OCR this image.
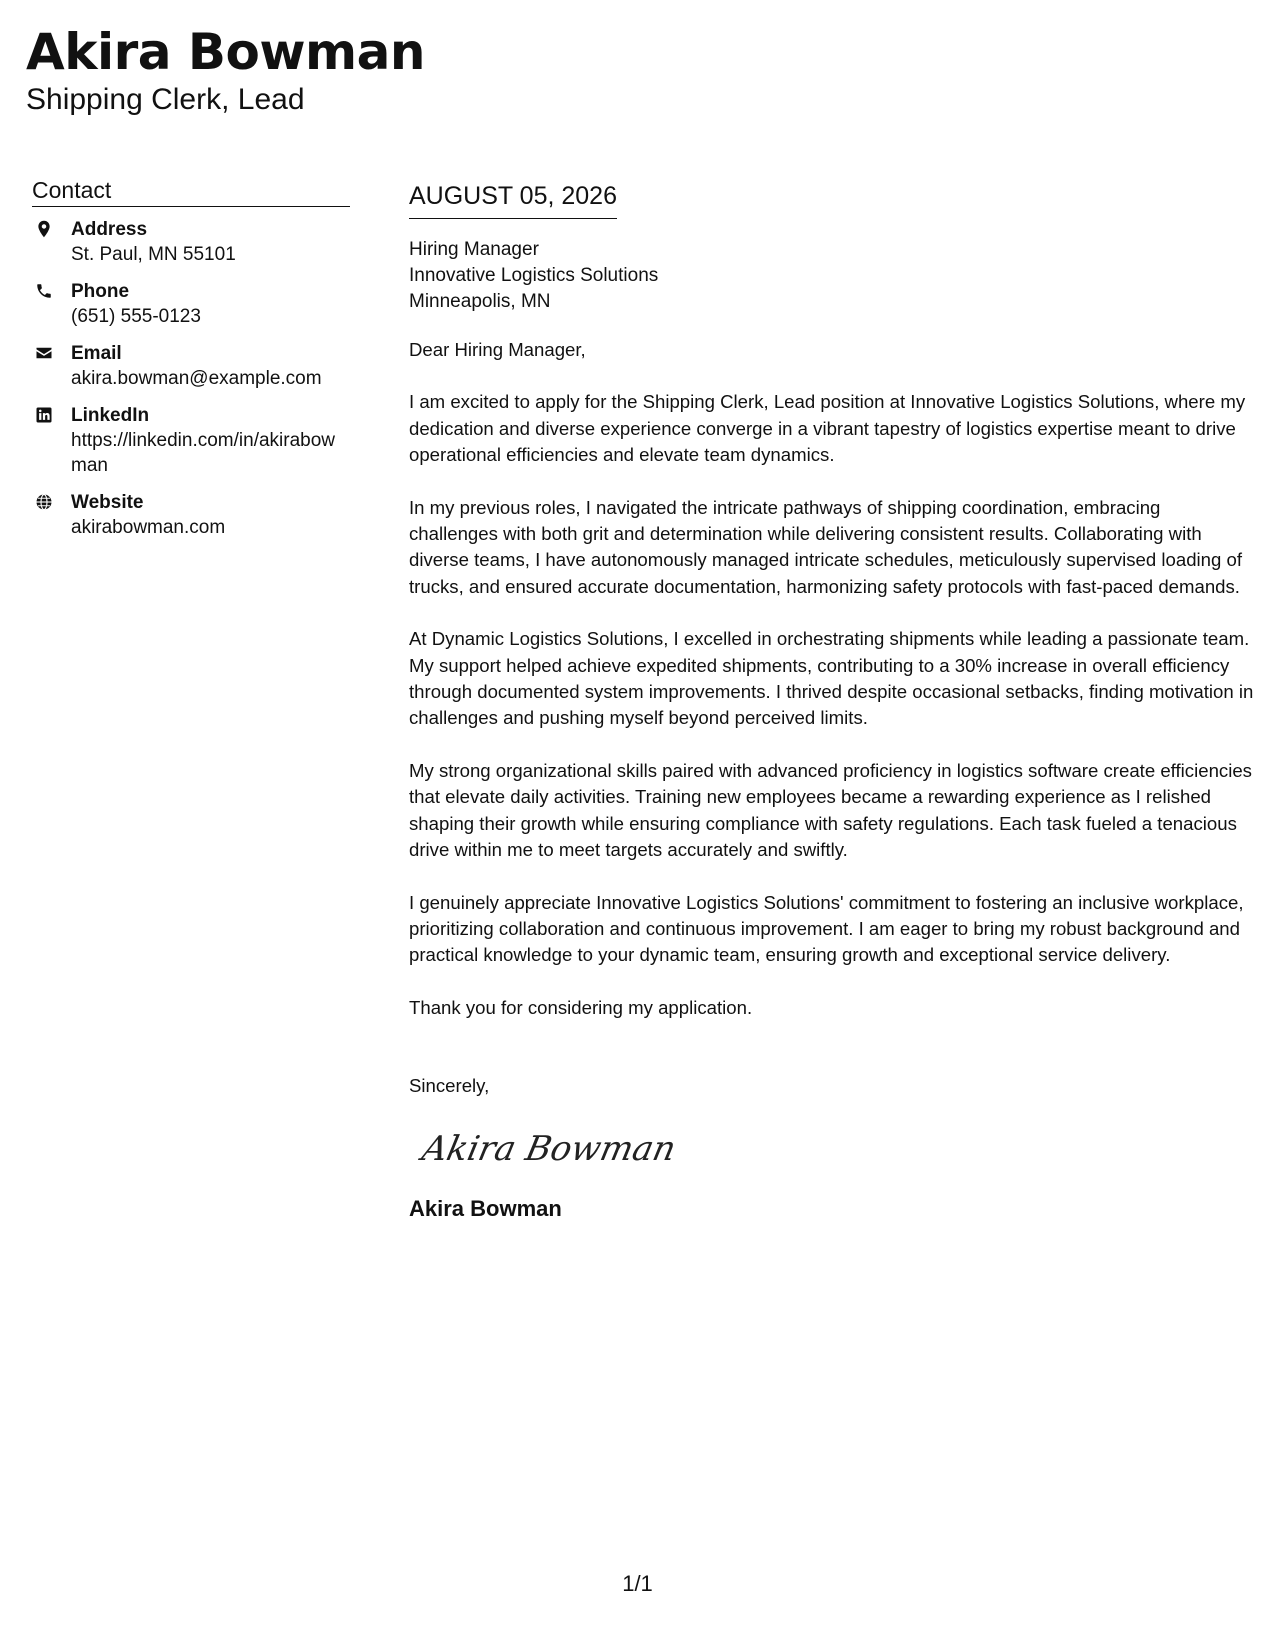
Akira Bowman
Shipping Clerk, Lead
Contact
Address
St. Paul, MN 55101
Phone
(651) 555-0123
Email
akira.bowman@example.com
LinkedIn
https://linkedin.com/in/akirabowman
Website
akirabowman.com
AUGUST 05, 2026
Hiring Manager
Innovative Logistics Solutions
Minneapolis, MN

Dear Hiring Manager,

I am excited to apply for the Shipping Clerk, Lead position at Innovative Logistics Solutions, where my dedication and diverse experience converge in a vibrant tapestry of logistics expertise meant to drive operational efficiencies and elevate team dynamics.

In my previous roles, I navigated the intricate pathways of shipping coordination, embracing challenges with both grit and determination while delivering consistent results. Collaborating with diverse teams, I have autonomously managed intricate schedules, meticulously supervised loading of trucks, and ensured accurate documentation, harmonizing safety protocols with fast-paced demands.

At Dynamic Logistics Solutions, I excelled in orchestrating shipments while leading a passionate team. My support helped achieve expedited shipments, contributing to a 30% increase in overall efficiency through documented system improvements. I thrived despite occasional setbacks, finding motivation in challenges and pushing myself beyond perceived limits.

My strong organizational skills paired with advanced proficiency in logistics software create efficiencies that elevate daily activities. Training new employees became a rewarding experience as I relished shaping their growth while ensuring compliance with safety regulations. Each task fueled a tenacious drive within me to meet targets accurately and swiftly.

I genuinely appreciate Innovative Logistics Solutions' commitment to fostering an inclusive workplace, prioritizing collaboration and continuous improvement. I am eager to bring my robust background and practical knowledge to your dynamic team, ensuring growth and exceptional service delivery.

Thank you for considering my application.

Sincerely,

Akira Bowman
Akira Bowman
1/1
